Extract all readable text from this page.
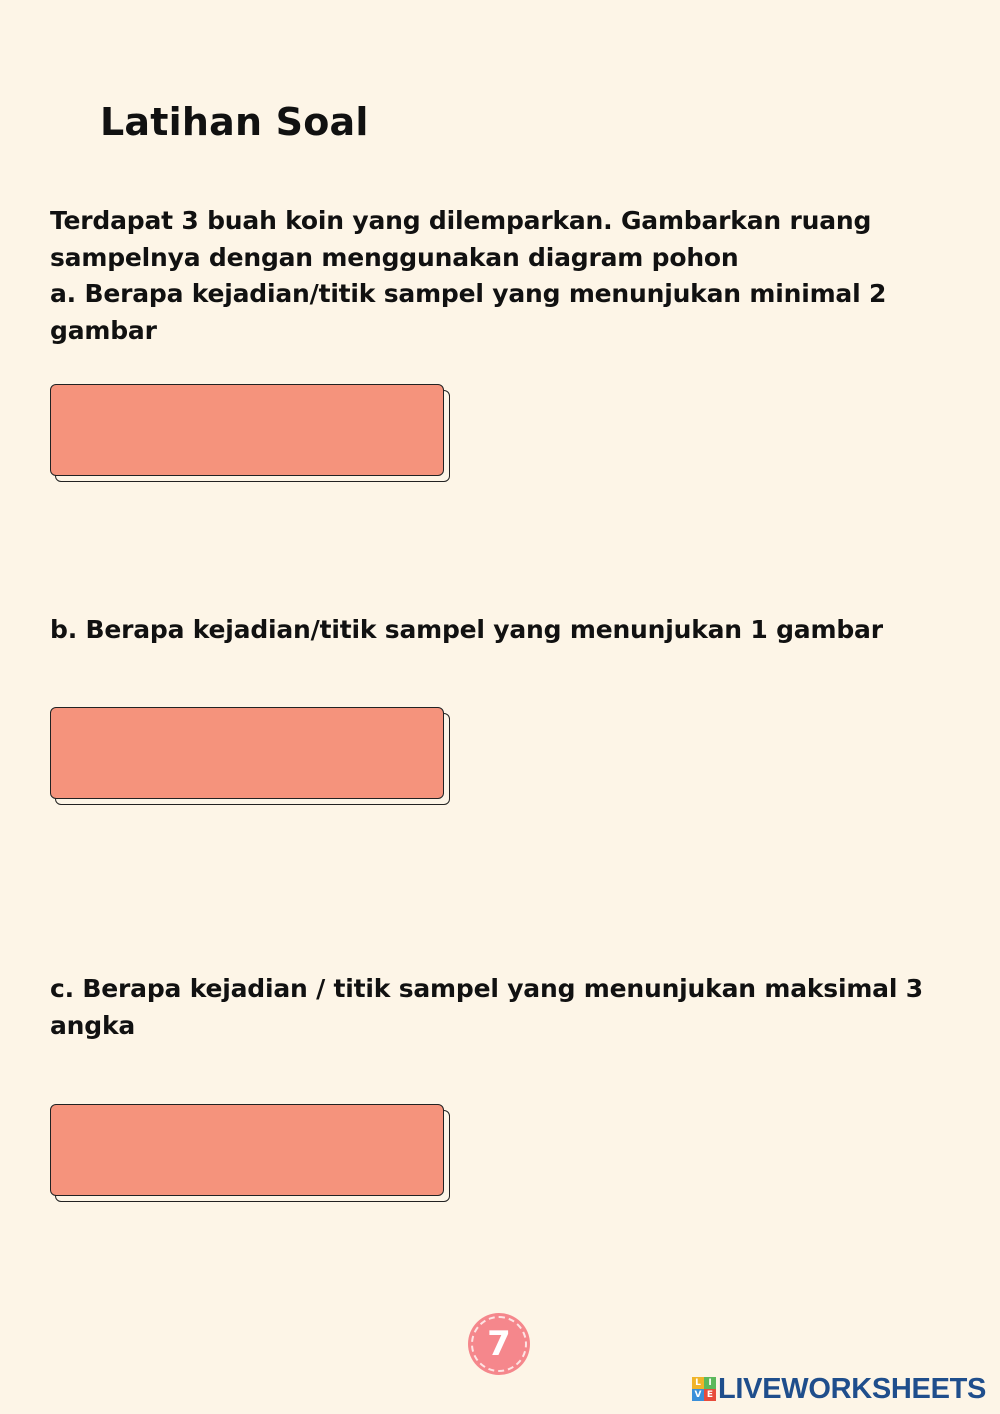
Latihan Soal
Terdapat 3 buah koin yang dilemparkan. Gambarkan ruang
sampelnya dengan menggunakan diagram pohon
a. Berapa kejadian/titik sampel yang menunjukan minimal 2
gambar
b. Berapa kejadian/titik sampel yang menunjukan 1 gambar
c. Berapa kejadian / titik sampel yang menunjukan maksimal 3
angka
7
L I
V E LIVEWORKSHEETS
